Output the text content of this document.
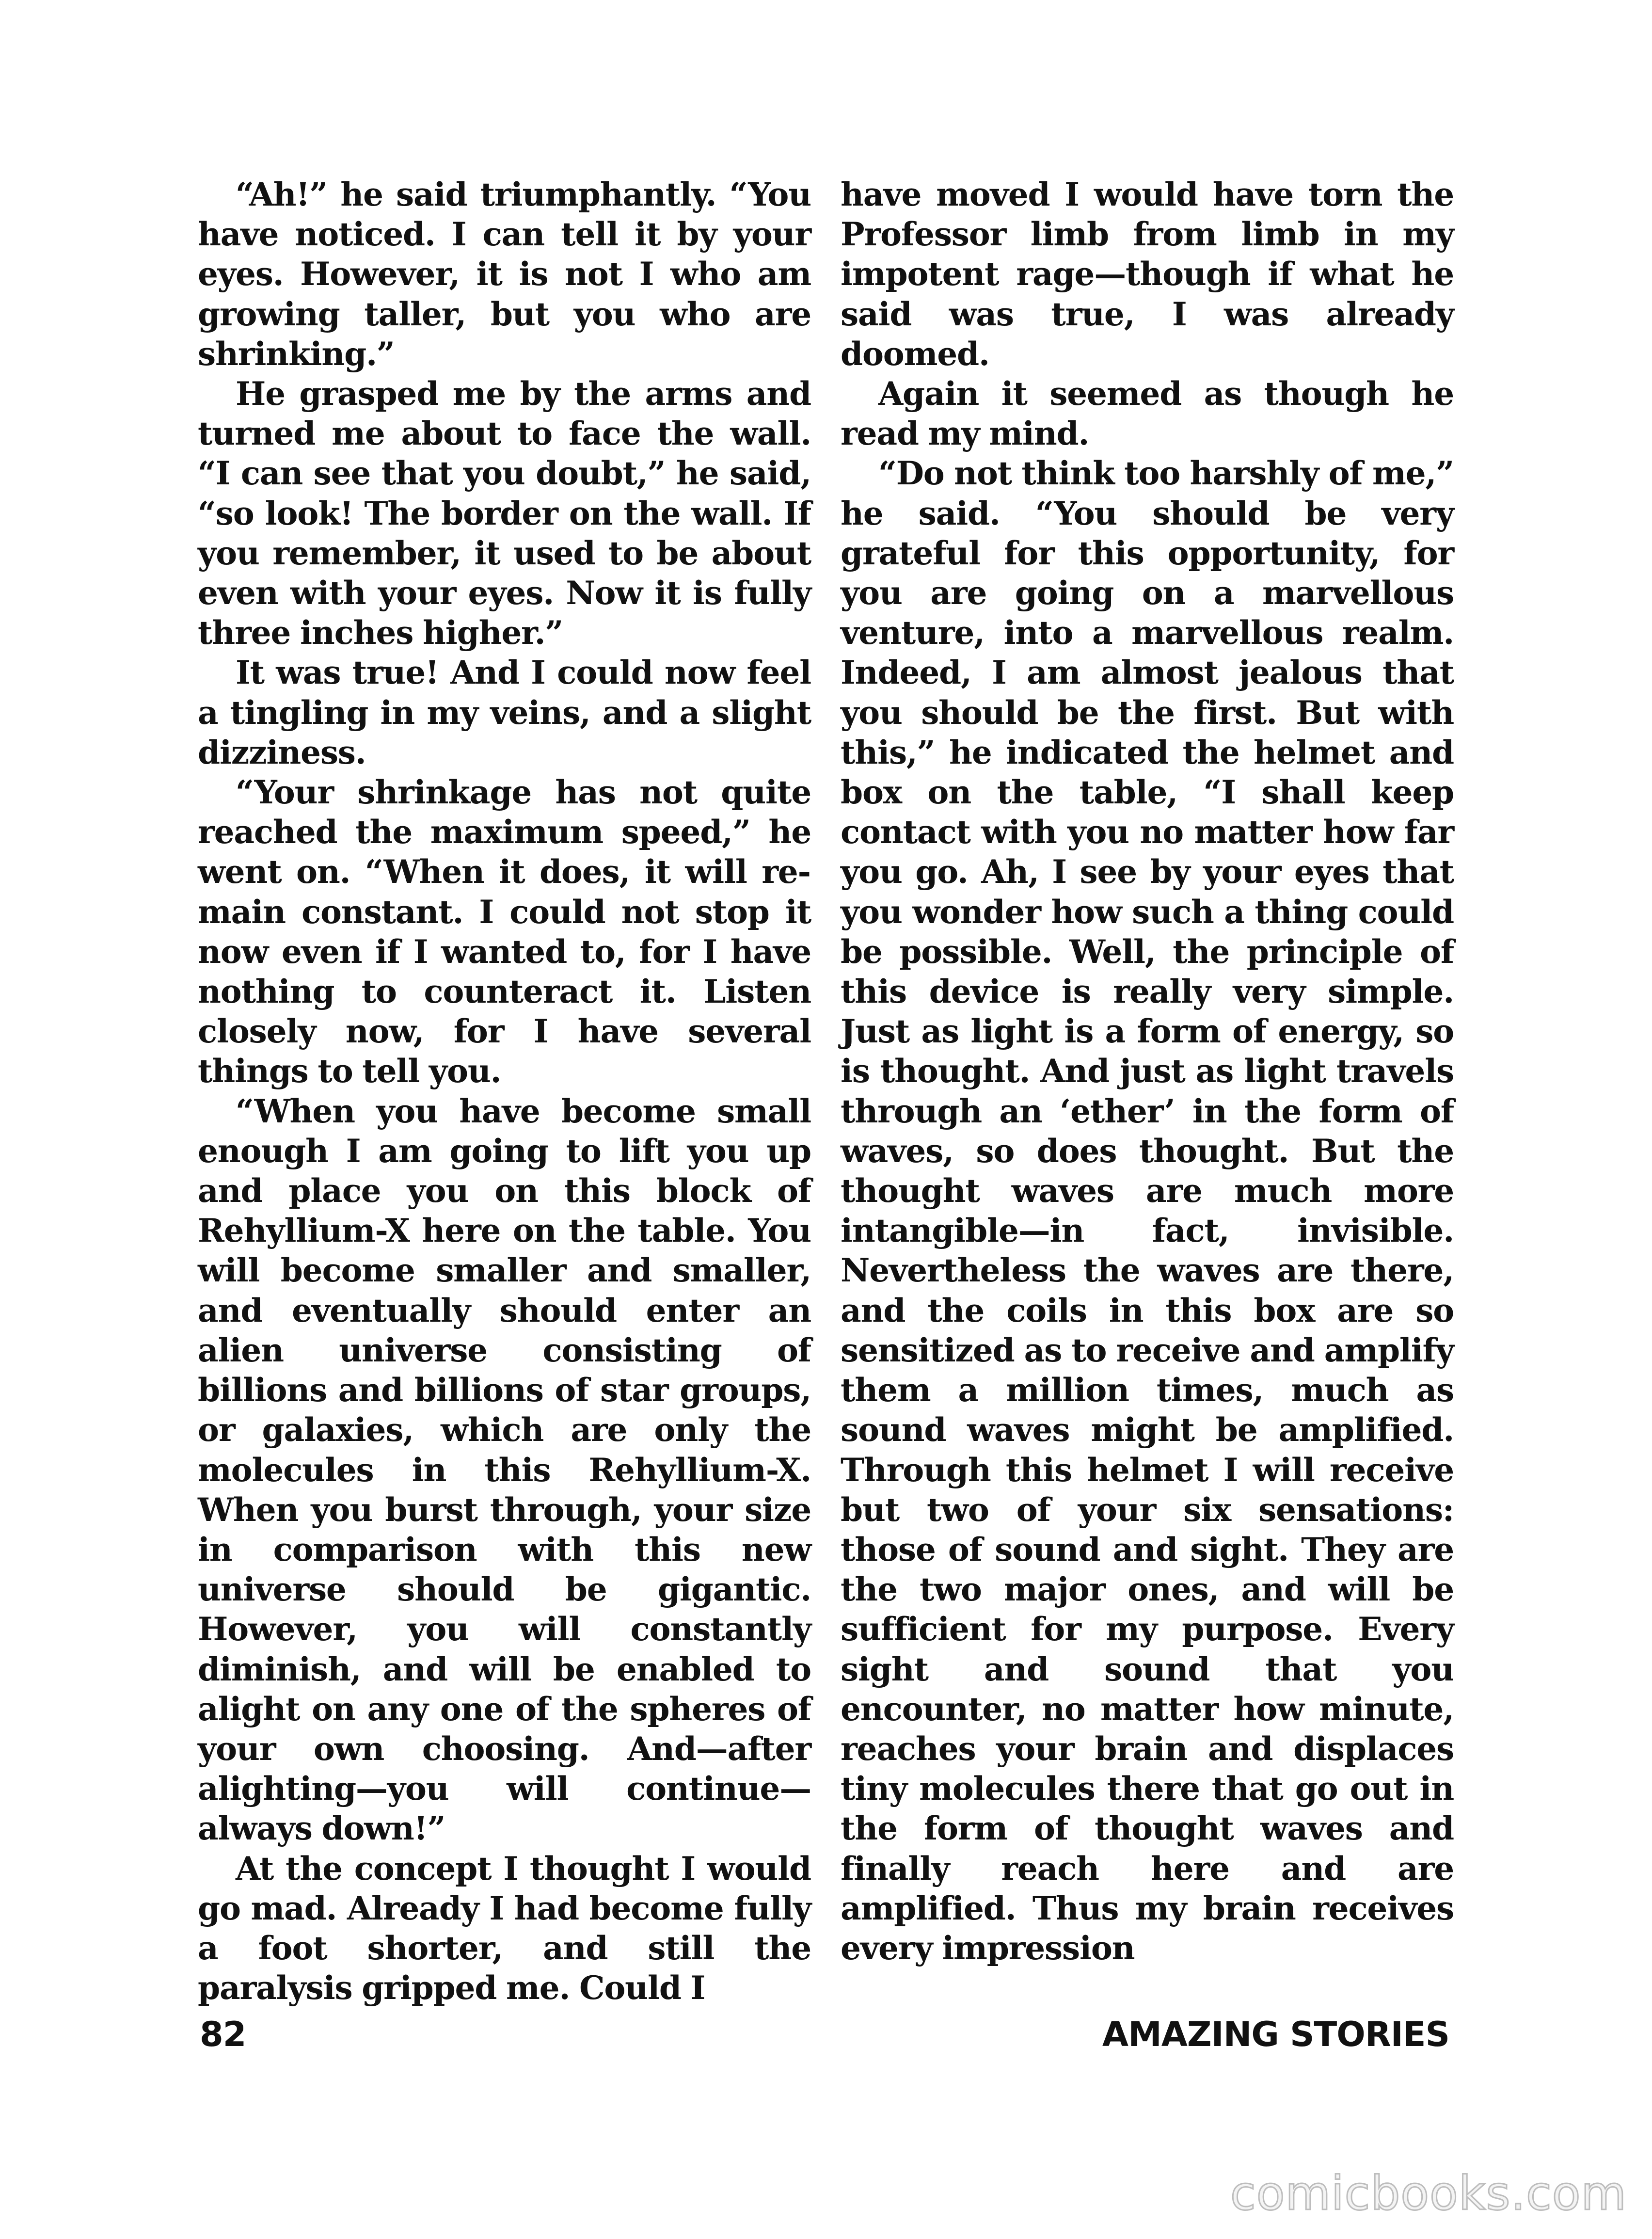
“Ah!” he said triumphantly. “You have noticed. I can tell it by your eyes. However, it is not I who am growing taller, but you who are shrinking.”

He grasped me by the arms and turned me about to face the wall. “I can see that you doubt,” he said, “so look! The border on the wall. If you remember, it used to be about even with your eyes. Now it is fully three inches higher.”

It was true! And I could now feel a tingling in my veins, and a slight dizziness.

“Your shrinkage has not quite reached the maximum speed,” he went on. “When it does, it will remain constant. I could not stop it now even if I wanted to, for I have nothing to counteract it. Listen closely now, for I have several things to tell you.

“When you have become small enough I am going to lift you up and place you on this block of Rehyllium-X here on the table. You will become smaller and smaller, and eventually should enter an alien universe consisting of billions and billions of star groups, or galaxies, which are only the molecules in this Rehyllium-X. When you burst through, your size in comparison with this new universe should be gigantic. However, you will constantly diminish, and will be enabled to alight on any one of the spheres of your own choosing. And—after alighting—you will continue—always down!”

At the concept I thought I would go mad. Already I had become fully a foot shorter, and still the paralysis gripped me. Could I

have moved I would have torn the Professor limb from limb in my impotent rage—though if what he said was true, I was already doomed.

Again it seemed as though he read my mind.

“Do not think too harshly of me,” he said. “You should be very grateful for this opportunity, for you are going on a marvellous venture, into a marvellous realm. Indeed, I am almost jealous that you should be the first. But with this,” he indicated the helmet and box on the table, “I shall keep contact with you no matter how far you go. Ah, I see by your eyes that you wonder how such a thing could be possible. Well, the principle of this device is really very simple. Just as light is a form of energy, so is thought. And just as light travels through an ‘ether’ in the form of waves, so does thought. But the thought waves are much more intangible—in fact, invisible. Nevertheless the waves are there, and the coils in this box are so sensitized as to receive and amplify them a million times, much as sound waves might be amplified. Through this helmet I will receive but two of your six sensations: those of sound and sight. They are the two major ones, and will be sufficient for my purpose. Every sight and sound that you encounter, no matter how minute, reaches your brain and displaces tiny molecules there that go out in the form of thought waves and finally reach here and are amplified. Thus my brain receives every impression

82	AMAZING STORIES
comicbooks.com
